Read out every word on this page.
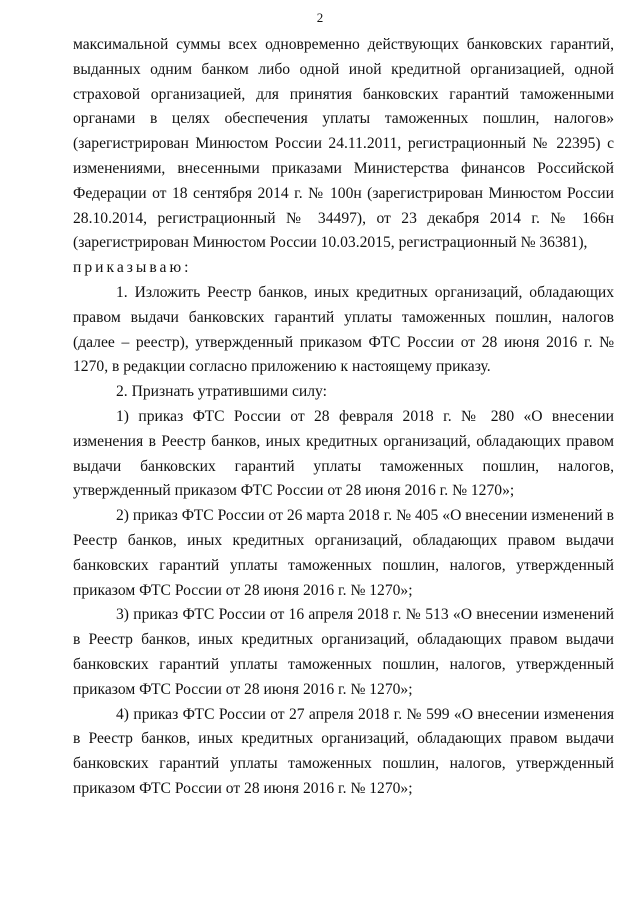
2

максимальной суммы всех одновременно действующих банковских гарантий, выданных одним банком либо одной иной кредитной организацией, одной страховой организацией, для принятия банковских гарантий таможенными органами в целях обеспечения уплаты таможенных пошлин, налогов» (зарегистрирован Минюстом России 24.11.2011, регистрационный № 22395) с изменениями, внесенными приказами Министерства финансов Российской Федерации от 18 сентября 2014 г. № 100н (зарегистрирован Минюстом России 28.10.2014, регистрационный № 34497), от 23 декабря 2014 г. № 166н (зарегистрирован Минюстом России 10.03.2015, регистрационный № 36381),

приказываю:

1. Изложить Реестр банков, иных кредитных организаций, обладающих правом выдачи банковских гарантий уплаты таможенных пошлин, налогов (далее – реестр), утвержденный приказом ФТС России от 28 июня 2016 г. № 1270, в редакции согласно приложению к настоящему приказу.

2. Признать утратившими силу:

1) приказ ФТС России от 28 февраля 2018 г. № 280 «О внесении изменения в Реестр банков, иных кредитных организаций, обладающих правом выдачи банковских гарантий уплаты таможенных пошлин, налогов, утвержденный приказом ФТС России от 28 июня 2016 г. № 1270»;

2) приказ ФТС России от 26 марта 2018 г. № 405 «О внесении изменений в Реестр банков, иных кредитных организаций, обладающих правом выдачи банковских гарантий уплаты таможенных пошлин, налогов, утвержденный приказом ФТС России от 28 июня 2016 г. № 1270»;

3) приказ ФТС России от 16 апреля 2018 г. № 513 «О внесении изменений в Реестр банков, иных кредитных организаций, обладающих правом выдачи банковских гарантий уплаты таможенных пошлин, налогов, утвержденный приказом ФТС России от 28 июня 2016 г. № 1270»;

4) приказ ФТС России от 27 апреля 2018 г. № 599 «О внесении изменения в Реестр банков, иных кредитных организаций, обладающих правом выдачи банковских гарантий уплаты таможенных пошлин, налогов, утвержденный приказом ФТС России от 28 июня 2016 г. № 1270»;
